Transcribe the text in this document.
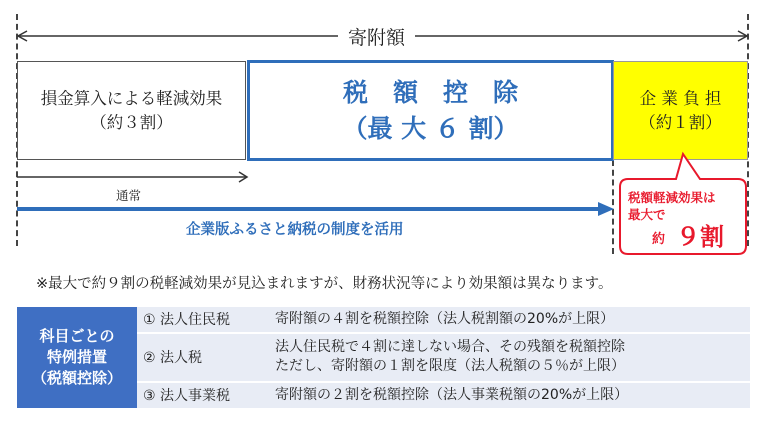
寄附額
損金算入による軽減効果
（約３割）
税　額　控　除
（最 大 ６ 割）
企 業 負 担
（約１割）
通常
企業版ふるさと納税の制度を活用
税額軽減効果は
最大で
約 ９割
※最大で約９割の税軽減効果が見込まれますが、財務状況等により効果額は異なります。
科目ごとの
特例措置
（税額控除）	① 法人住民税	寄附額の４割を税額控除（法人税割額の20%が上限）

	② 法人税	法人住民税で４割に達しない場合、その残額を税額控除
ただし、寄附額の１割を限度（法人税額の５％が上限）

	③ 法人事業税	寄附額の２割を税額控除（法人事業税額の20%が上限）
